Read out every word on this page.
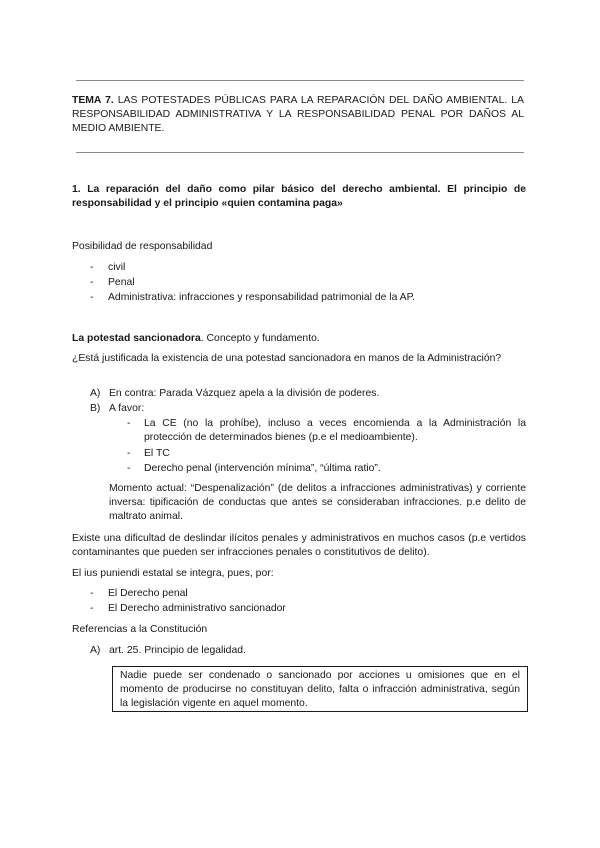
TEMA 7. LAS POTESTADES PÚBLICAS PARA LA REPARACIÓN DEL DAÑO AMBIENTAL. LA RESPONSABILIDAD ADMINISTRATIVA Y LA RESPONSABILIDAD PENAL POR DAÑOS AL MEDIO AMBIENTE.
1. La reparación del daño como pilar básico del derecho ambiental. El principio de
responsabilidad y el principio «quien contamina paga»
Posibilidad de responsabilidad
- civil
- Penal
- Administrativa: infracciones y responsabilidad patrimonial de la AP.
La potestad sancionadora. Concepto y fundamento.
¿Está justificada la existencia de una potestad sancionadora en manos de la Administración?
A) En contra: Parada Vázquez apela a la división de poderes.
B) A favor:
- La CE (no la prohíbe), incluso a veces encomienda a la Administración la protección de determinados bienes (p.e el medioambiente).
- El TC
- Derecho penal (intervención mínima”, “última ratio”.
Momento actual: “Despenalización” (de delitos a infracciones administrativas) y corriente inversa: tipificación de conductas que antes se consideraban infracciones. p.e delito de maltrato animal.
Existe una dificultad de deslindar ilícitos penales y administrativos en muchos casos (p.e vertidos contaminantes que pueden ser infracciones penales o constitutivos de delito).
El ius puniendi estatal se integra, pues, por:
- El Derecho penal
- El Derecho administrativo sancionador
Referencias a la Constitución
A) art. 25. Principio de legalidad.
Nadie puede ser condenado o sancionado por acciones u omisiones que en el momento de producirse no constituyan delito, falta o infracción administrativa, según la legislación vigente en aquel momento.
